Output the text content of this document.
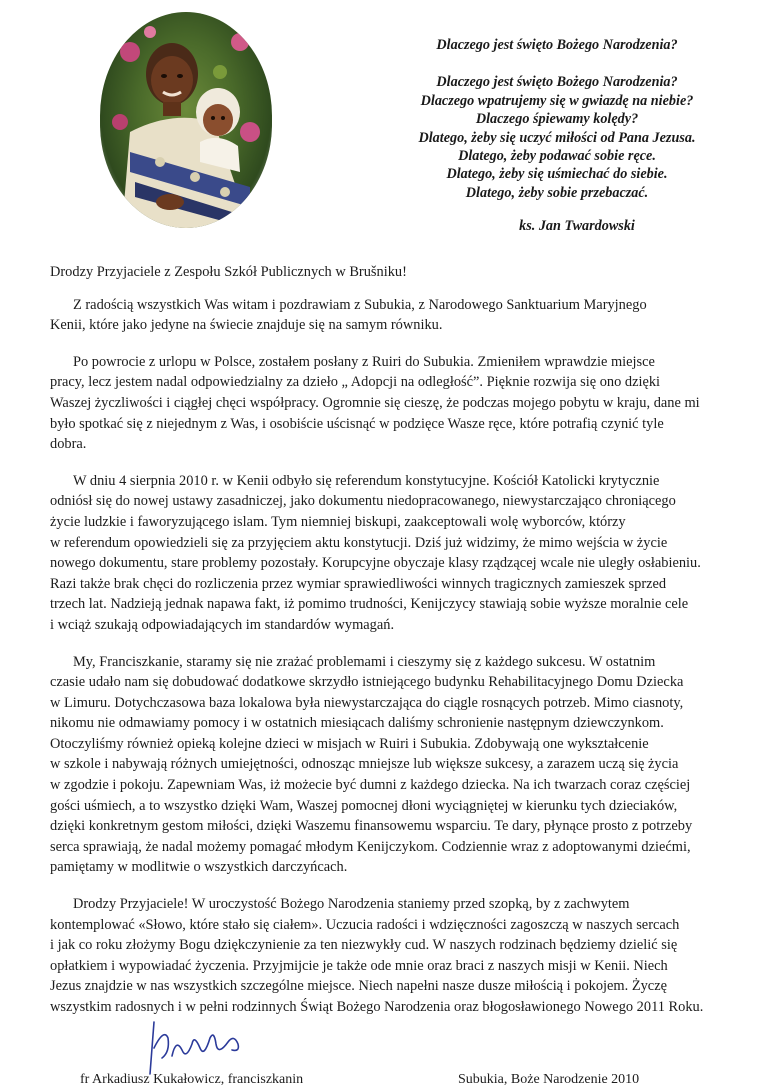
Dlaczego jest święto Bożego Narodzenia?
Dlaczego jest święto Bożego Narodzenia?
Dlaczego wpatrujemy się w gwiazdę na niebie?
Dlaczego śpiewamy kolędy?
Dlatego, żeby się uczyć miłości od Pana Jezusa.
Dlatego, żeby podawać sobie ręce.
Dlatego, żeby się uśmiechać do siebie.
Dlatego, żeby sobie przebaczać.
ks. Jan Twardowski
Drodzy Przyjaciele z Zespołu Szkół Publicznych w Brušniku!
Z radością wszystkich Was witam i pozdrawiam z Subukia, z Narodowego Sanktuarium Maryjnego
Kenii, które jako jedyne na świecie znajduje się na samym równiku.
Po powrocie z urlopu w Polsce, zostałem posłany z Ruiri do Subukia. Zmieniłem wprawdzie miejsce
pracy, lecz jestem nadal odpowiedzialny za dzieło „ Adopcji na odległość”. Pięknie rozwija się ono dzięki
Waszej życzliwości i ciągłej chęci współpracy. Ogromnie się cieszę, że podczas mojego pobytu w kraju, dane mi
było spotkać się z niejednym z Was, i osobiście uścisnąć w podzięce Wasze ręce, które potrafią czynić tyle
dobra.
W dniu 4 sierpnia 2010 r. w Kenii odbyło się referendum konstytucyjne. Kościół Katolicki krytycznie
odniósł się do nowej ustawy zasadniczej, jako dokumentu niedopracowanego, niewystarczająco chroniącego
życie ludzkie i faworyzującego islam. Tym niemniej biskupi, zaakceptowali wolę wyborców, którzy
w referendum opowiedzieli się za przyjęciem aktu konstytucji. Dziś już widzimy, że mimo wejścia w życie
nowego dokumentu, stare problemy pozostały. Korupcyjne obyczaje klasy rządzącej wcale nie uległy osłabieniu.
Razi także brak chęci do rozliczenia przez wymiar sprawiedliwości winnych tragicznych zamieszek sprzed
trzech lat. Nadzieją jednak napawa fakt, iż pomimo trudności, Kenijczycy stawiają sobie wyższe moralnie cele
i wciąż szukają odpowiadających im standardów wymagań.
My, Franciszkanie, staramy się nie zrażać problemami i cieszymy się z każdego sukcesu. W ostatnim
czasie udało nam się dobudować dodatkowe skrzydło istniejącego budynku Rehabilitacyjnego Domu Dziecka
w Limuru. Dotychczasowa baza lokalowa była niewystarczająca do ciągle rosnących potrzeb. Mimo ciasnoty,
nikomu nie odmawiamy pomocy i w ostatnich miesiącach daliśmy schronienie następnym dziewczynkom.
Otoczyliśmy również opieką kolejne dzieci w misjach w Ruiri i Subukia. Zdobywają one wykształcenie
w szkole i nabywają różnych umiejętności, odnosząc mniejsze lub większe sukcesy, a zarazem uczą się życia
w zgodzie i pokoju. Zapewniam Was, iż możecie być dumni z każdego dziecka. Na ich twarzach coraz częściej
gości uśmiech, a to wszystko dzięki Wam, Waszej pomocnej dłoni wyciągniętej w kierunku tych dzieciaków,
dzięki konkretnym gestom miłości, dzięki Waszemu finansowemu wsparciu. Te dary, płynące prosto z potrzeby
serca sprawiają, że nadal możemy pomagać młodym Kenijczykom. Codziennie wraz z adoptowanymi dziećmi,
pamiętamy w modlitwie o wszystkich darczyńcach.
Drodzy Przyjaciele! W uroczystość Bożego Narodzenia staniemy przed szopką, by z zachwytem
kontemplować «Słowo, które stało się ciałem». Uczucia radości i wdzięczności zagoszczą w naszych sercach
i jak co roku złożymy Bogu dziękczynienie za ten niezwykły cud. W naszych rodzinach będziemy dzielić się
opłatkiem i wypowiadać życzenia. Przyjmijcie je także ode mnie oraz braci z naszych misji w Kenii. Niech
Jezus znajdzie w nas wszystkich szczególne miejsce. Niech napełni nasze dusze miłością i pokojem. Życzę
wszystkim radosnych i w pełni rodzinnych Świąt Bożego Narodzenia oraz błogosławionego Nowego 2011 Roku.
fr Arkadiusz Kukałowicz, franciszkanin	Subukia, Boże Narodzenie 2010
